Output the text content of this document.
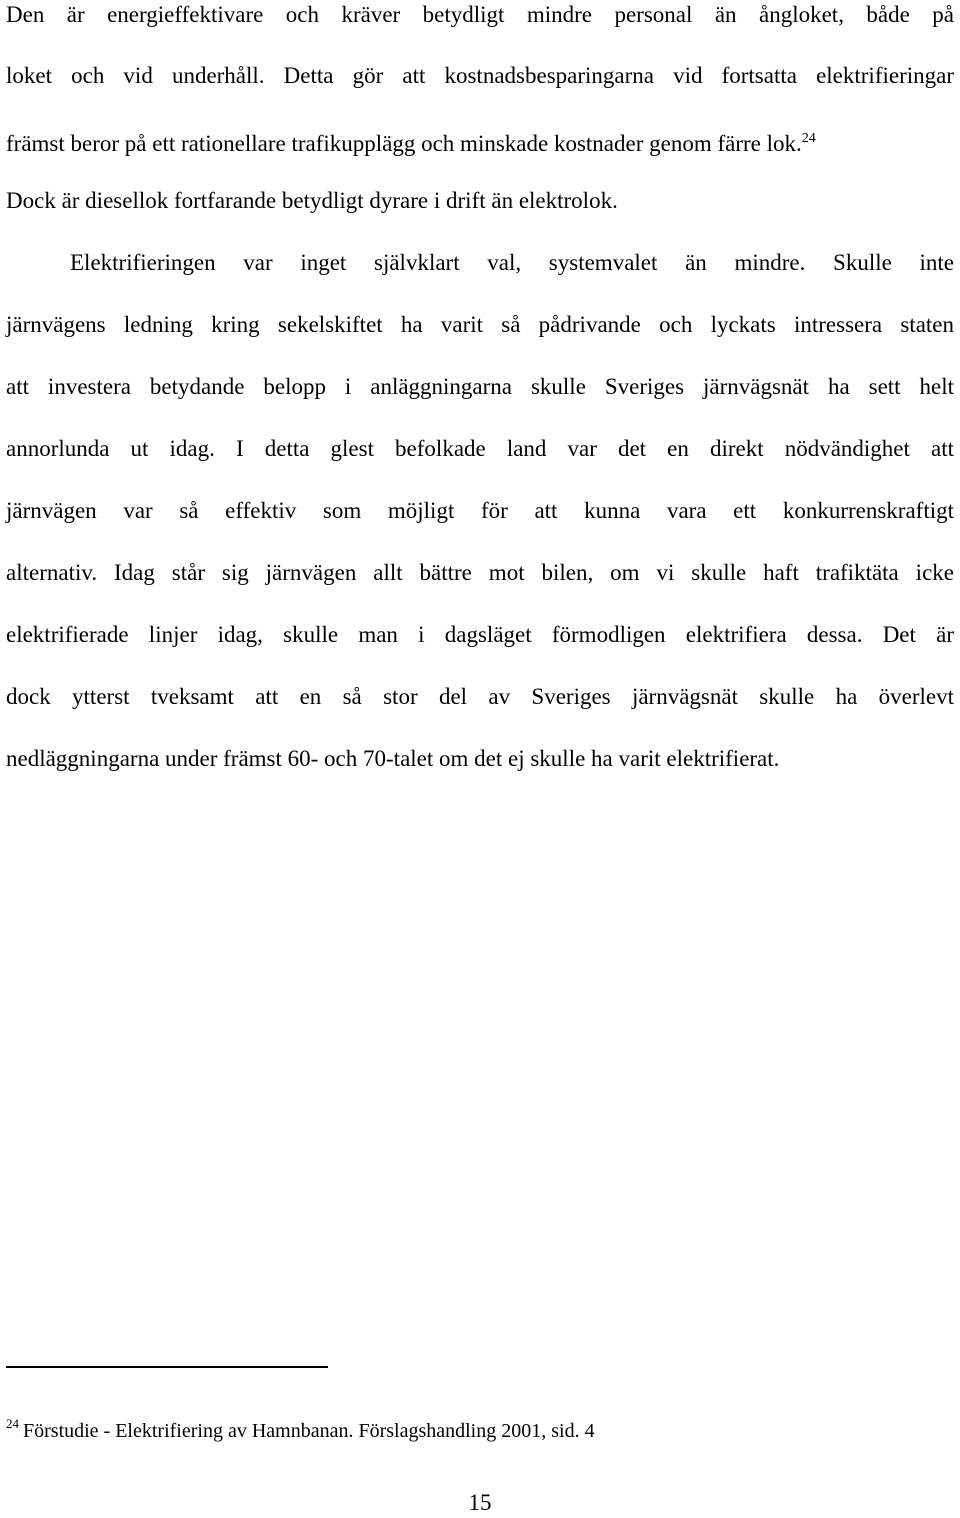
Den är energieffektivare och kräver betydligt mindre personal än ångloket, både på
loket och vid underhåll. Detta gör att kostnadsbesparingarna vid fortsatta elektrifieringar
främst beror på ett rationellare trafikupplägg och minskade kostnader genom färre lok.$^{24}$
Dock är diesellok fortfarande betydligt dyrare i drift än elektrolok.
Elektrifieringen var inget självklart val, systemvalet än mindre. Skulle inte
järnvägens ledning kring sekelskiftet ha varit så pådrivande och lyckats intressera staten
att investera betydande belopp i anläggningarna skulle Sveriges järnvägsnät ha sett helt
annorlunda ut idag. I detta glest befolkade land var det en direkt nödvändighet att
järnvägen var så effektiv som möjligt för att kunna vara ett konkurrenskraftigt
alternativ. Idag står sig järnvägen allt bättre mot bilen, om vi skulle haft trafiktäta icke
elektrifierade linjer idag, skulle man i dagsläget förmodligen elektrifiera dessa. Det är
dock ytterst tveksamt att en så stor del av Sveriges järnvägsnät skulle ha överlevt
nedläggningarna under främst 60- och 70-talet om det ej skulle ha varit elektrifierat.
$^{24}$ Förstudie - Elektrifiering av Hamnbanan. Förslagshandling 2001, sid. 4
15
